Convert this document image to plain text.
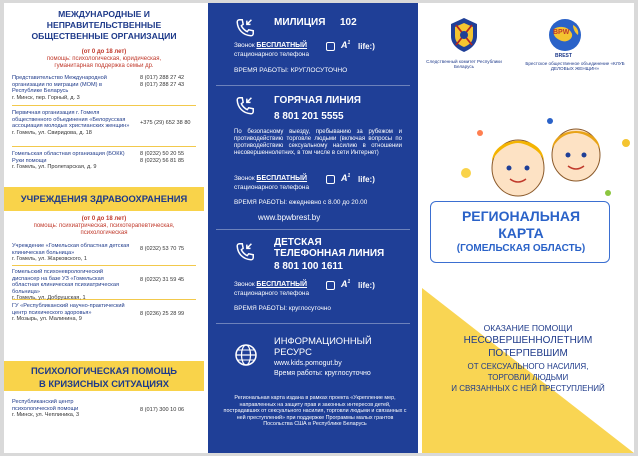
МЕЖДУНАРОДНЫЕ И НЕПРАВИТЕЛЬСТВЕННЫЕ
ОБЩЕСТВЕННЫЕ ОРГАНИЗАЦИИ
(от 0 до 18 лет)
помощь: психологическая, юридическая,
гуманитарная поддержка семьи др.
Представительство Международной организации по миграции (МОМ) в Республике Беларусь
г. Минск, пер. Горный, д. 3
8 (017) 288 27 42
8 (017) 288 27 43
Первичная организация г. Гомеля общественного объединения «Белорусская ассоциация молодых христианских женщин»
г. Гомель, ул. Свиридова, д. 18
+375 (29) 652 38 80
Гомельская областная организация (БОКК) Руки помощи
г. Гомель, ул. Пролетарская, д. 9
8 (0232) 50 20 55
8 (0232) 56 81 85
УЧРЕЖДЕНИЯ ЗДРАВООХРАНЕНИЯ
(от 0 до 18 лет)
помощь: психиатрическая, психотерапевтическая,
психологическая
Учреждение «Гомельская областная детская клиническая больница»
г. Гомель, ул. Жарковского, 1
8 (0232) 53 70 75
Гомельский психоневрологический диспансер на базе УЗ «Гомельская областная клиническая психиатрическая больница»
г. Гомель, ул. Добрушская, 1
8 (0232) 31 59 45
ГУ «Республиканский научно-практический центр психического здоровья»
г. Мозырь, ул. Малинина, 9
8 (0236) 25 28 99
ПСИХОЛОГИЧЕСКАЯ ПОМОЩЬ
В КРИЗИСНЫХ СИТУАЦИЯХ
Республиканский центр психологической помощи
г. Минск, ул. Чеплиника, 3
8 (017) 300 10 06
МИЛИЦИЯ 102
Звонок БЕСПЛАТНЫЙ
стационарного телефона
$A^1$ life:)
ВРЕМЯ РАБОТЫ: КРУГЛОСУТОЧНО
ГОРЯЧАЯ ЛИНИЯ
8 801 201 5555
По безопасному выезду, пребыванию за рубежом и противодействию торговле людьми (включая вопросы по противодействию сексуальному насилию в отношении несовершеннолетних, в том числе в сети Интернет)
Звонок БЕСПЛАТНЫЙ
стационарного телефона
$A^1$ life:)
ВРЕМЯ РАБОТЫ: ежедневно с 8.00 до 20.00
www.bpwbrest.by
ДЕТСКАЯ
ТЕЛЕФОННАЯ ЛИНИЯ
8 801 100 1611
Звонок БЕСПЛАТНЫЙ
стационарного телефона
$A^1$ life:)
ВРЕМЯ РАБОТЫ: круглосуточно
ИНФОРМАЦИОННЫЙ
РЕСУРС
www.kids.pomogut.by
Время работы: круглосуточно
Региональная карта издана в рамках проекта «Укрепление мер, направленных на защиту прав и законных интересов детей, пострадавших от сексуального насилия, торговли людьми и связанных с ней преступлений» при поддержке Программы малых грантов Посольства США в Республике Беларусь
Следственный комитет Республики Беларусь
BPW
BREST
Брестское общественное объединение «КЛУБ ДЕЛОВЫХ ЖЕНЩИН»
РЕГИОНАЛЬНАЯ
КАРТА
(ГОМЕЛЬСКАЯ ОБЛАСТЬ)
ОКАЗАНИЕ ПОМОЩИ
НЕСОВЕРШЕННОЛЕТНИМ
ПОТЕРПЕВШИМ
ОТ СЕКСУАЛЬНОГО НАСИЛИЯ,
ТОРГОВЛИ ЛЮДЬМИ
И СВЯЗАННЫХ С НЕЙ ПРЕСТУПЛЕНИЙ
